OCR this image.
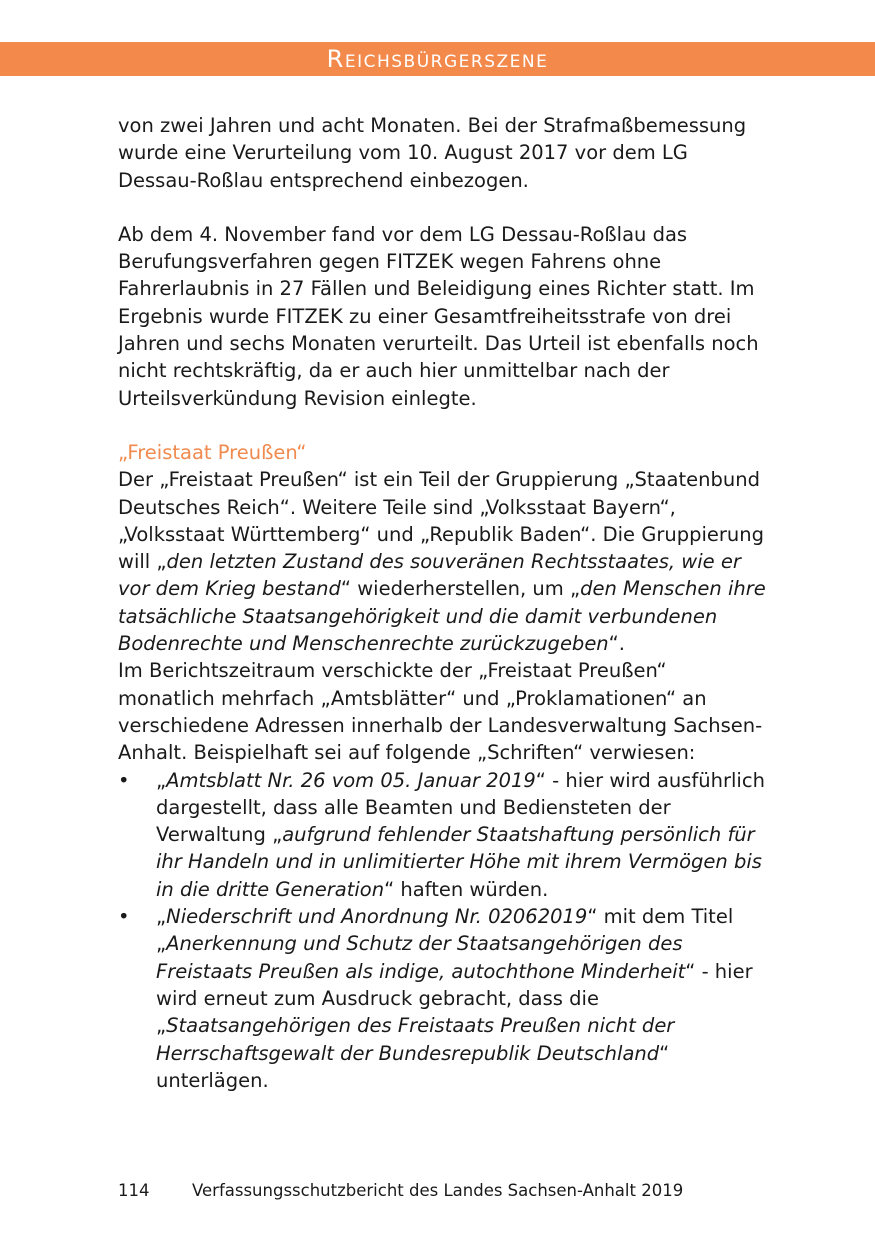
Reichsbürgerszene

von zwei Jahren und acht Monaten. Bei der Strafmaßbemessung wurde eine Verurteilung vom 10. August 2017 vor dem LG Dessau-Roßlau entsprechend einbezogen.

Ab dem 4. November fand vor dem LG Dessau-Roßlau das Berufungsverfahren gegen FITZEK wegen Fahrens ohne Fahrerlaubnis in 27 Fällen und Beleidigung eines Richter statt. Im Ergebnis wurde FITZEK zu einer Gesamtfreiheitsstrafe von drei Jahren und sechs Monaten verurteilt. Das Urteil ist ebenfalls noch nicht rechtskräftig, da er auch hier unmittelbar nach der Urteilsverkündung Revision einlegte.

„Freistaat Preußen“

Der „Freistaat Preußen“ ist ein Teil der Gruppierung „Staatenbund Deutsches Reich“. Weitere Teile sind „Volksstaat Bayern“, „Volksstaat Württemberg“ und „Republik Baden“. Die Gruppierung will „den letzten Zustand des souveränen Rechtsstaates, wie er vor dem Krieg bestand“ wiederherstellen, um „den Menschen ihre tatsächliche Staatsangehörigkeit und die damit verbundenen Bodenrechte und Menschenrechte zurückzugeben“.

Im Berichtszeitraum verschickte der „Freistaat Preußen“ monatlich mehrfach „Amtsblätter“ und „Proklamationen“ an verschiedene Adressen innerhalb der Landesverwaltung Sachsen-Anhalt. Beispielhaft sei auf folgende „Schriften“ verwiesen:

•	„Amtsblatt Nr. 26 vom 05. Januar 2019“ - hier wird ausführlich dargestellt, dass alle Beamten und Bediensteten der Verwaltung „aufgrund fehlender Staatshaftung persönlich für ihr Handeln und in unlimitierter Höhe mit ihrem Vermögen bis in die dritte Generation“ haften würden.
•	„Niederschrift und Anordnung Nr. 02062019“ mit dem Titel „Anerkennung und Schutz der Staatsangehörigen des Freistaats Preußen als indige, autochthone Minderheit“ - hier wird erneut zum Ausdruck gebracht, dass die „Staatsangehörigen des Freistaats Preußen nicht der Herrschaftsgewalt der Bundesrepublik Deutschland“ unterlägen.
114	Verfassungsschutzbericht des Landes Sachsen-Anhalt 2019
